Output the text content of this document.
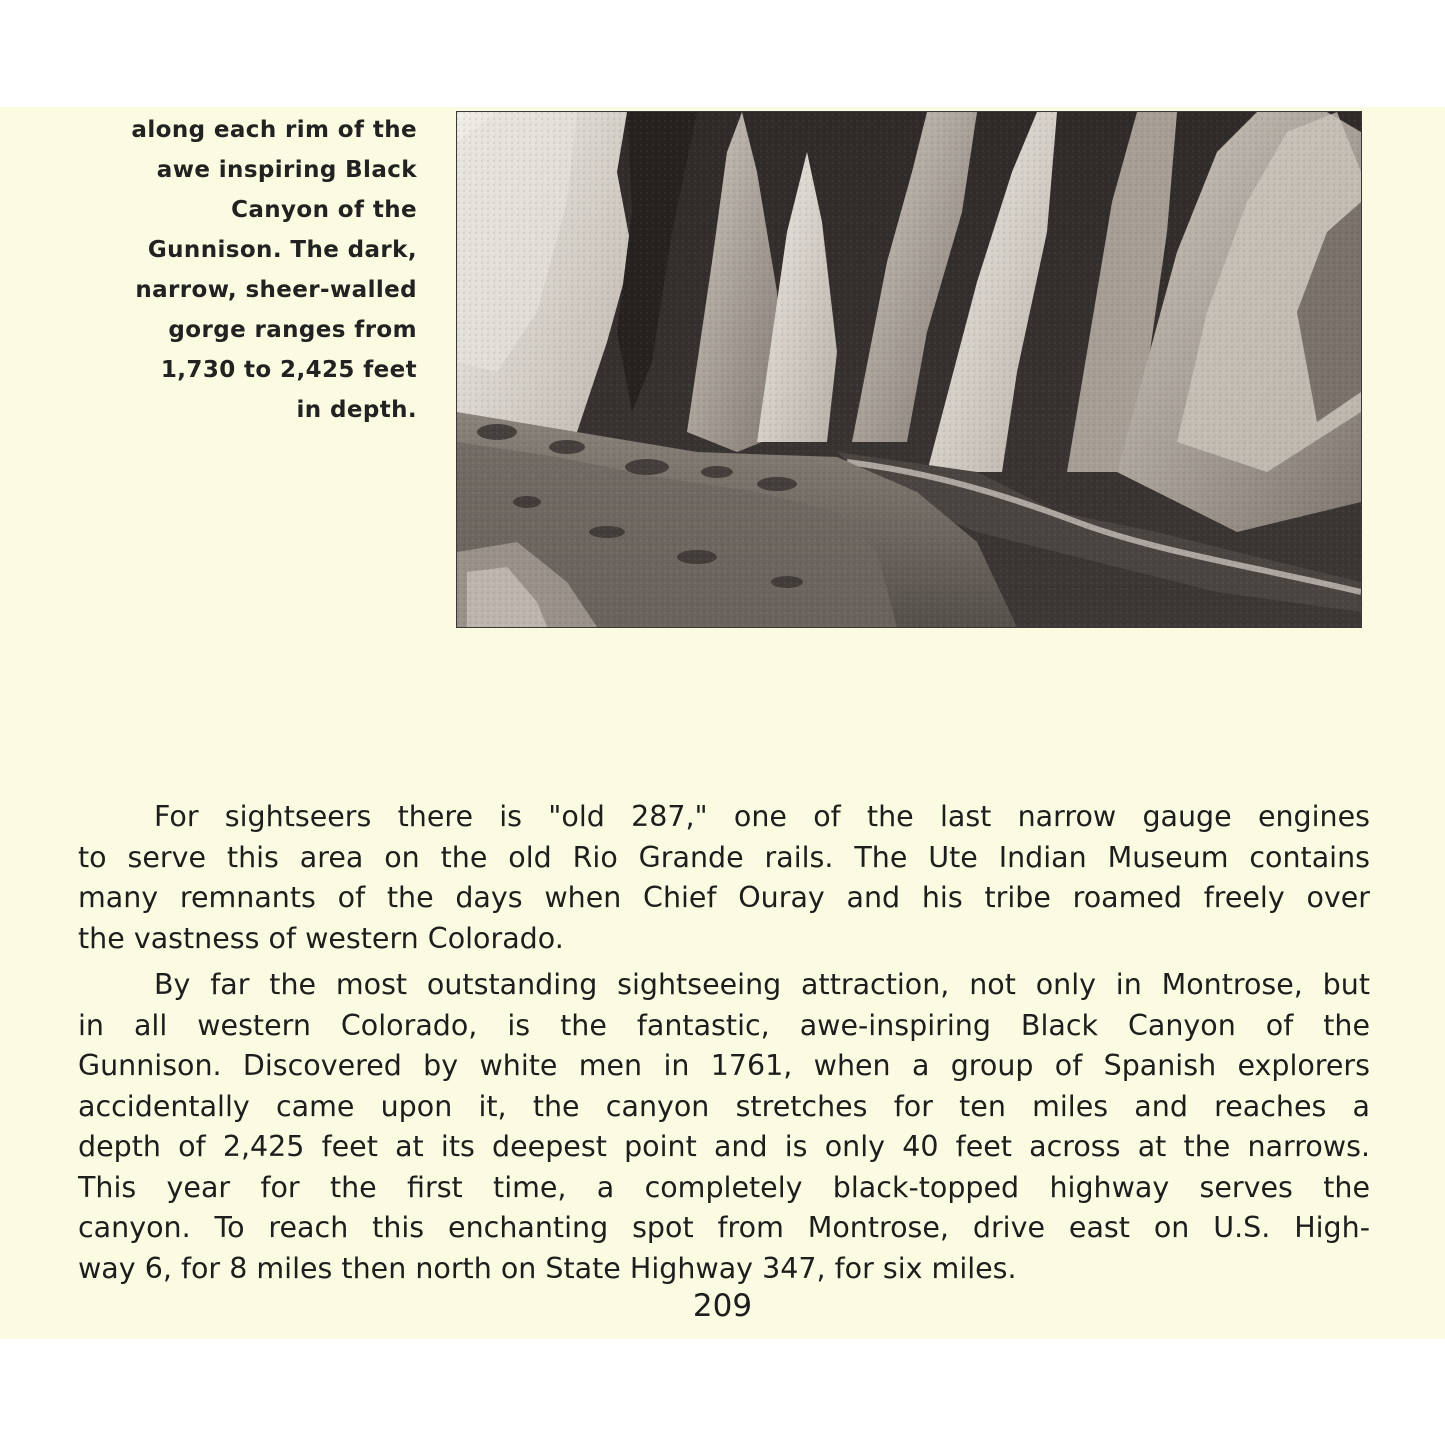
along each rim of the
awe inspiring Black
Canyon of the
Gunnison. The dark,
narrow, sheer-walled
gorge ranges from
1,730 to 2,425 feet
in depth.

For sightseers there is "old 287," one of the last narrow gauge engines
to serve this area on the old Rio Grande rails. The Ute Indian Museum contains
many remnants of the days when Chief Ouray and his tribe roamed freely over
the vastness of western Colorado.

By far the most outstanding sightseeing attraction, not only in Montrose, but
in all western Colorado, is the fantastic, awe-inspiring Black Canyon of the
Gunnison. Discovered by white men in 1761, when a group of Spanish explorers
accidentally came upon it, the canyon stretches for ten miles and reaches a
depth of 2,425 feet at its deepest point and is only 40 feet across at the narrows.
This year for the first time, a completely black-topped highway serves the
canyon. To reach this enchanting spot from Montrose, drive east on U.S. High-
way 6, for 8 miles then north on State Highway 347, for six miles.

209
